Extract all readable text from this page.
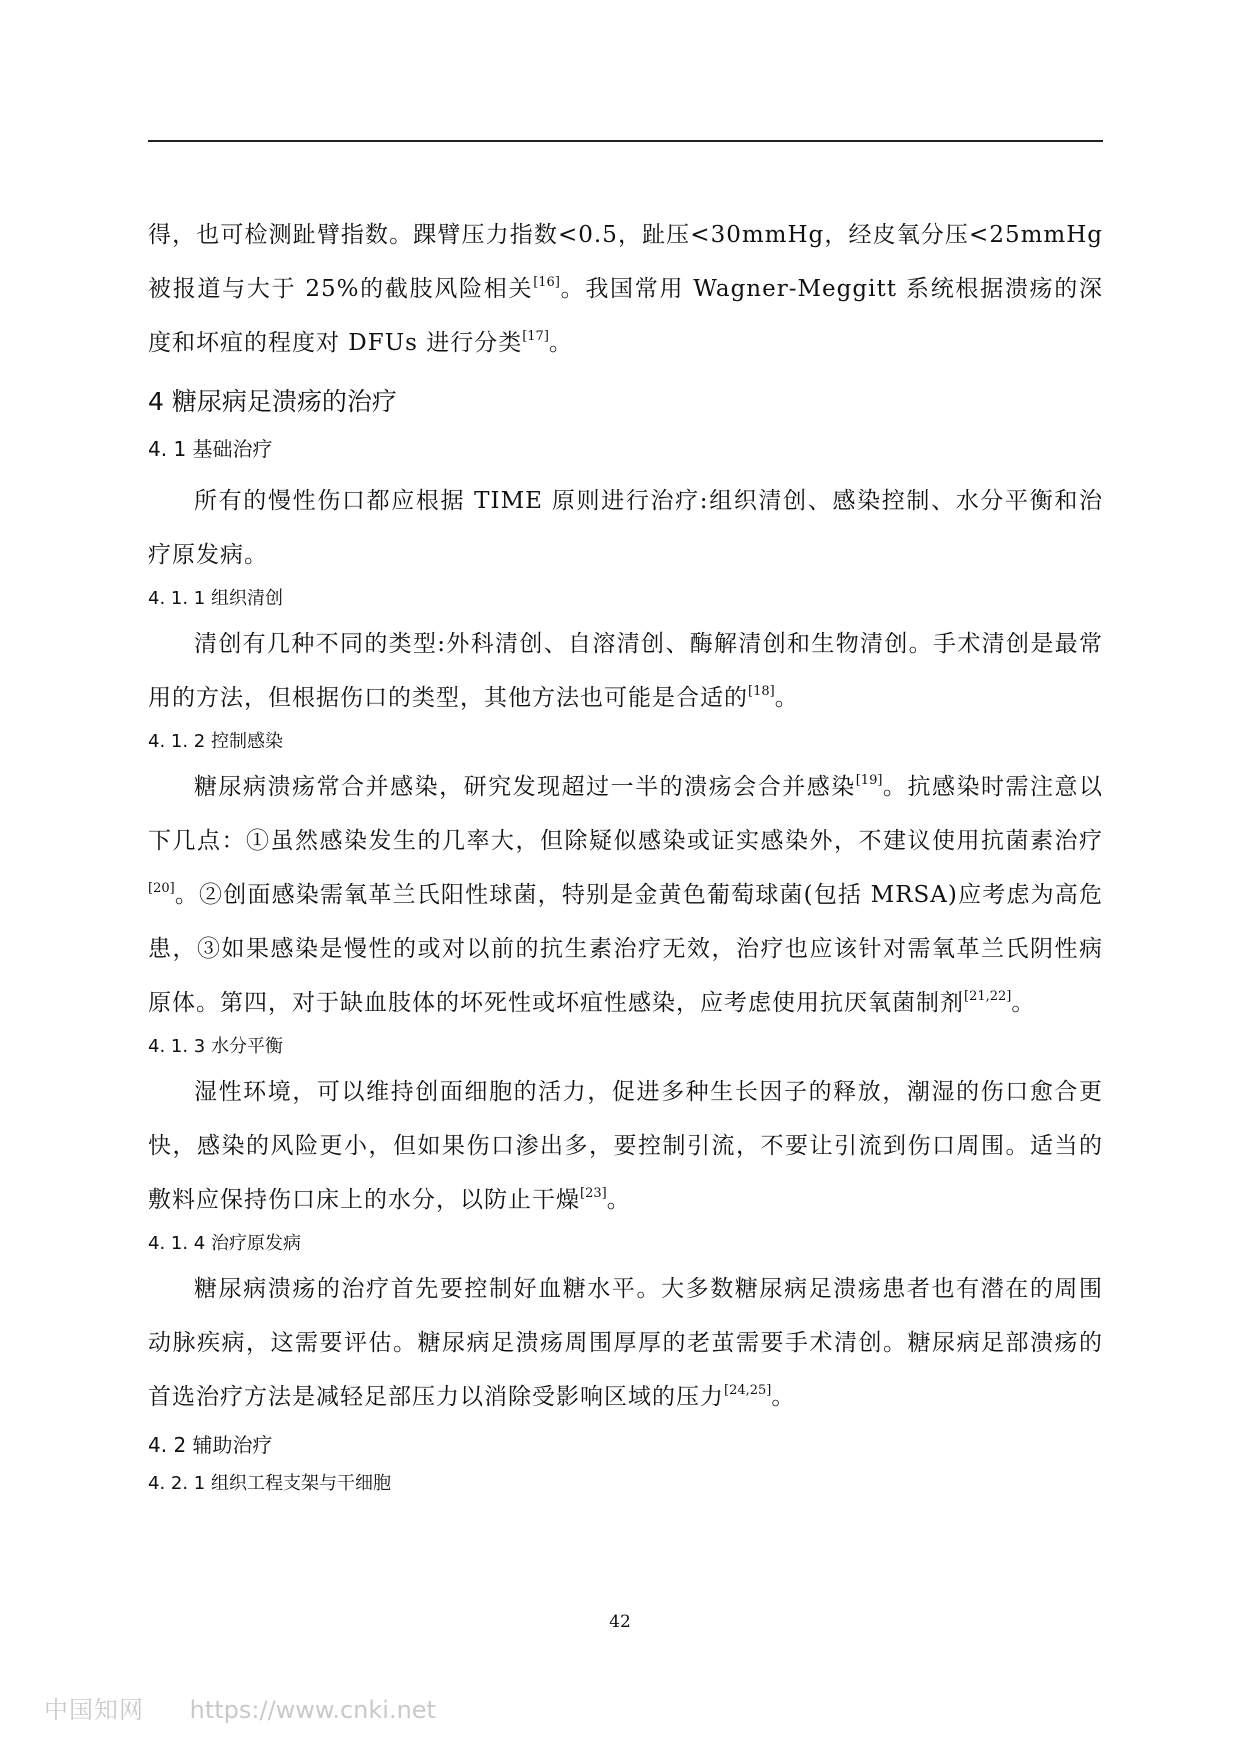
得，也可检测趾臂指数。踝臂压力指数<0.5，趾压<30mmHg，经皮氧分压<25mmHg被报道与大于 25%的截肢风险相关[16]。我国常用 Wagner-Meggitt 系统根据溃疡的深度和坏疽的程度对 DFUs 进行分类[17]。

4 糖尿病足溃疡的治疗
4. 1 基础治疗

所有的慢性伤口都应根据 TIME 原则进行治疗:组织清创、感染控制、水分平衡和治疗原发病。

4. 1. 1 组织清创

清创有几种不同的类型:外科清创、自溶清创、酶解清创和生物清创。手术清创是最常用的方法，但根据伤口的类型，其他方法也可能是合适的[18]。

4. 1. 2 控制感染

糖尿病溃疡常合并感染，研究发现超过一半的溃疡会合并感染[19]。抗感染时需注意以下几点：①虽然感染发生的几率大，但除疑似感染或证实感染外，不建议使用抗菌素治疗[20]。②创面感染需氧革兰氏阳性球菌，特别是金黄色葡萄球菌(包括 MRSA)应考虑为高危患，③如果感染是慢性的或对以前的抗生素治疗无效，治疗也应该针对需氧革兰氏阴性病原体。第四，对于缺血肢体的坏死性或坏疽性感染，应考虑使用抗厌氧菌制剂[21,22]。

4. 1. 3 水分平衡

湿性环境，可以维持创面细胞的活力，促进多种生长因子的释放，潮湿的伤口愈合更快，感染的风险更小，但如果伤口渗出多，要控制引流，不要让引流到伤口周围。适当的敷料应保持伤口床上的水分，以防止干燥[23]。

4. 1. 4 治疗原发病

糖尿病溃疡的治疗首先要控制好血糖水平。大多数糖尿病足溃疡患者也有潜在的周围动脉疾病，这需要评估。糖尿病足溃疡周围厚厚的老茧需要手术清创。糖尿病足部溃疡的首选治疗方法是减轻足部压力以消除受影响区域的压力[24,25]。

4. 2 辅助治疗
4. 2. 1 组织工程支架与干细胞
42
中国知网 https://www.cnki.net
